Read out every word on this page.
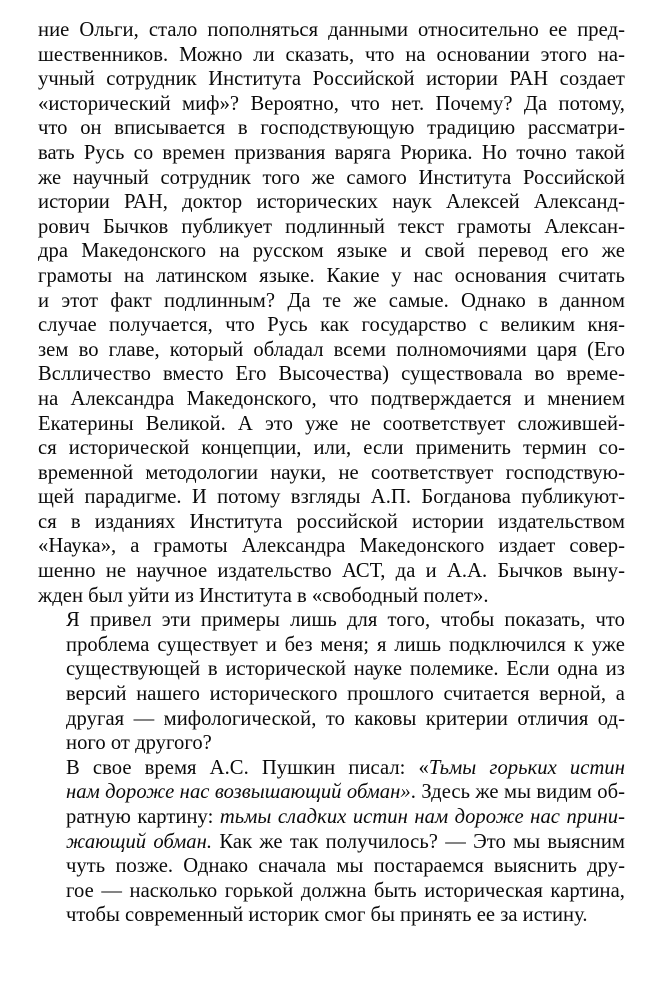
ние Ольги, стало пополняться данными относительно ее пред-
шественников. Можно ли сказать, что на основании этого на-
учный сотрудник Института Российской истории РАН создает
«исторический миф»? Вероятно, что нет. Почему? Да потому,
что он вписывается в господствующую традицию рассматри-
вать Русь со времен призвания варяга Рюрика. Но точно такой
же научный сотрудник того же самого Института Российской
истории РАН, доктор исторических наук Алексей Александ-
рович Бычков публикует подлинный текст грамоты Алексан-
дра Македонского на русском языке и свой перевод его же
грамоты на латинском языке. Какие у нас основания считать
и этот факт подлинным? Да те же самые. Однако в данном
случае получается, что Русь как государство с великим кня-
зем во главе, который обладал всеми полномочиями царя (Его
Вслличество вместо Его Высочества) существовала во време-
на Александра Македонского, что подтверждается и мнением
Екатерины Великой. А это уже не соответствует сложившей-
ся исторической концепции, или, если применить термин со-
временной методологии науки, не соответствует господствую-
щей парадигме. И потому взгляды А.П. Богданова публикуют-
ся в изданиях Института российской истории издательством
«Наука», а грамоты Александра Македонского издает совер-
шенно не научное издательство АСТ, да и А.А. Бычков выну-
жден был уйти из Института в «свободный полет».

Я привел эти примеры лишь для того, чтобы показать, что
проблема существует и без меня; я лишь подключился к уже
существующей в исторической науке полемике. Если одна из
версий нашего исторического прошлого считается верной, а
другая — мифологической, то каковы критерии отличия од-
ного от другого?

В свое время А.С. Пушкин писал: «Тьмы горьких истин
нам дороже нас возвышающий обман». Здесь же мы видим об-
ратную картину: тьмы сладких истин нам дороже нас прини-
жающий обман. Как же так получилось? — Это мы выясним
чуть позже. Однако сначала мы постараемся выяснить дру-
гое — насколько горькой должна быть историческая картина,
чтобы современный историк смог бы принять ее за истину.
